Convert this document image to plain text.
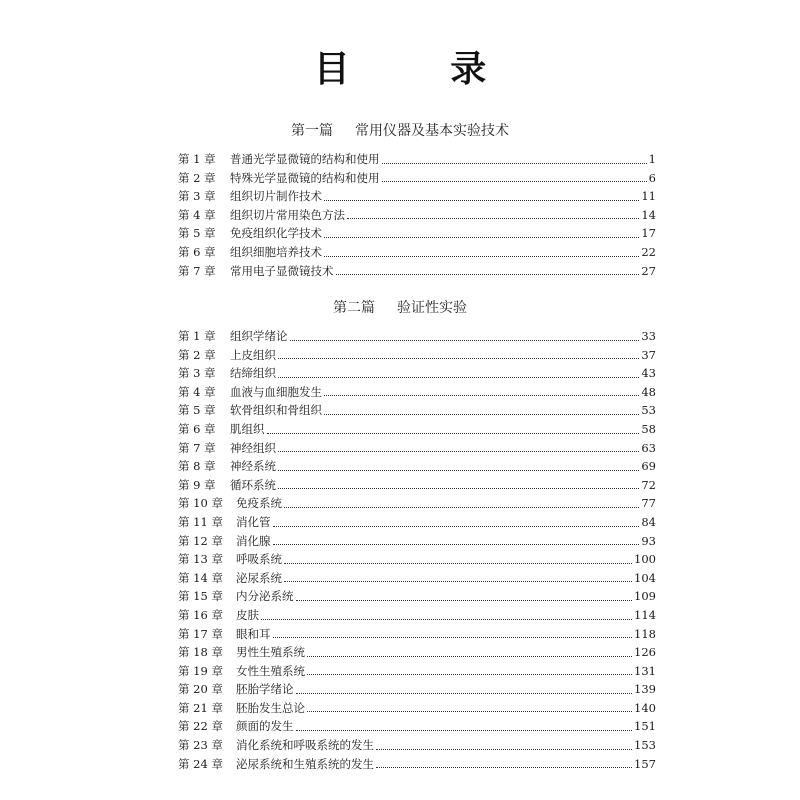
目 录
第一篇 常用仪器及基本实验技术
第 1 章	普通光学显微镜的结构和使用	1
第 2 章	特殊光学显微镜的结构和使用	6
第 3 章	组织切片制作技术	11
第 4 章	组织切片常用染色方法	14
第 5 章	免疫组织化学技术	17
第 6 章	组织细胞培养技术	22
第 7 章	常用电子显微镜技术	27
第二篇 验证性实验
第 1 章	组织学绪论	33
第 2 章	上皮组织	37
第 3 章	结缔组织	43
第 4 章	血液与血细胞发生	48
第 5 章	软骨组织和骨组织	53
第 6 章	肌组织	58
第 7 章	神经组织	63
第 8 章	神经系统	69
第 9 章	循环系统	72
第 10 章	免疫系统	77
第 11 章	消化管	84
第 12 章	消化腺	93
第 13 章	呼吸系统	100
第 14 章	泌尿系统	104
第 15 章	内分泌系统	109
第 16 章	皮肤	114
第 17 章	眼和耳	118
第 18 章	男性生殖系统	126
第 19 章	女性生殖系统	131
第 20 章	胚胎学绪论	139
第 21 章	胚胎发生总论	140
第 22 章	颜面的发生	151
第 23 章	消化系统和呼吸系统的发生	153
第 24 章	泌尿系统和生殖系统的发生	157
